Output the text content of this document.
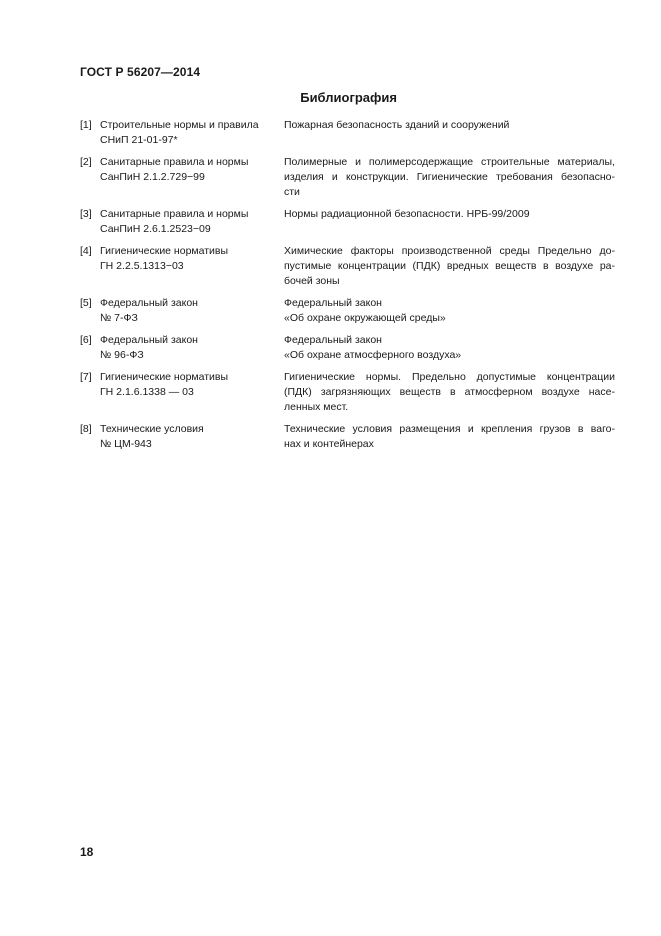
ГОСТ Р 56207—2014
Библиография
[1] Строительные нормы и правила
СНиП 21-01-97*
Пожарная безопасность зданий и сооружений
[2] Санитарные правила и нормы
СанПиН 2.1.2.729−99
Полимерные и полимерсодержащие строительные материалы,
изделия и конструкции. Гигиенические требования безопасно-
сти
[3] Санитарные правила и нормы
СанПиН 2.6.1.2523−09
Нормы радиационной безопасности. НРБ-99/2009
[4] Гигиенические нормативы
ГН 2.2.5.1313−03
Химические факторы производственной среды Предельно до-
пустимые концентрации (ПДК) вредных веществ в воздухе ра-
бочей зоны
[5] Федеральный закон
№ 7-ФЗ
Федеральный закон
«Об охране окружающей среды»
[6] Федеральный закон
№ 96-ФЗ
Федеральный закон
«Об охране атмосферного воздуха»
[7] Гигиенические нормативы
ГН 2.1.6.1338 — 03
Гигиенические нормы. Предельно допустимые концентрации
(ПДК) загрязняющих веществ в атмосферном воздухе насе-
ленных мест.
[8] Технические условия
№ ЦМ-943
Технические условия размещения и крепления грузов в ваго-
нах и контейнерах
18
